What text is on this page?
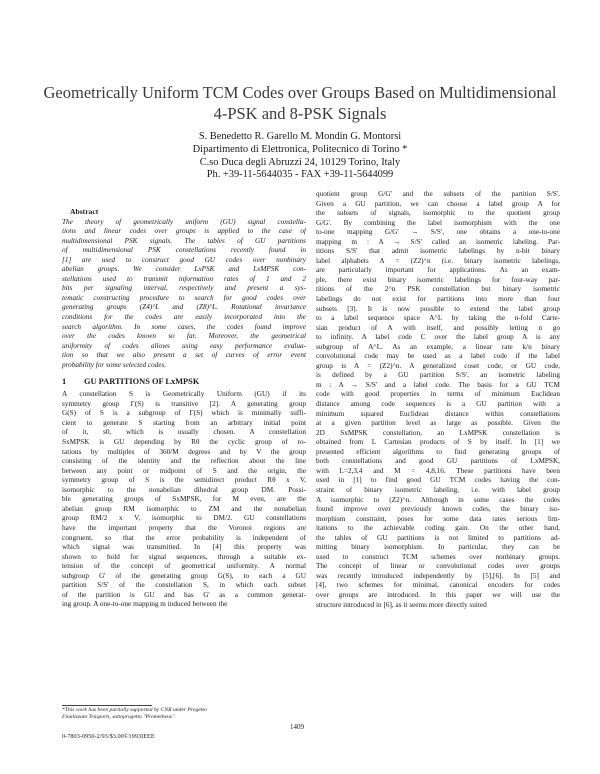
Geometrically Uniform TCM Codes over Groups Based on Multidimensional
4-PSK and 8-PSK Signals
S. Benedetto R. Garello M. Mondin G. Montorsi
Dipartimento di Elettronica, Politecnico di Torino *
C.so Duca degli Abruzzi 24, 10129 Torino, Italy
Ph. +39-11-5644035 - FAX +39-11-5644099
Abstract
The theory of geometrically uniform (GU) signal constella-
tions and linear codes over groups is applied to the case of
multidimensional PSK signals. The tables of GU partitions
of multidimensional PSK constellations recently found in
[1] are used to construct good GU codes over nonbinary
abelian groups. We consider LxPSK and LxMPSK con-
stellations used to transmit information rates of 1 and 2
bits per signaling interval, respectively and present a sys-
tematic constructing procedure to search for good codes over
generating groups (Z4)^L and (Z8)^L. Rotational invariance
conditions for the codes are easily incorporated into the
search algorithm. In some cases, the codes found improve
over the codes known so far. Moreover, the geometrical
uniformity of codes allows using easy performance evalua-
tion so that we also present a set of curves of error event
probability for some selected codes.
1 GU PARTITIONS OF LxMPSK
A constellation S is Geometrically Uniform (GU) if its
symmetry group Γ(S) is transitive [2]. A generating group
G(S) of S is a subgroup of Γ(S) which is minimally suffi-
cient to generate S starting from an arbitrary initial point
of it, s0, which is usually chosen. A constellation
SxMPSK is GU depending by Rθ the cyclic group of ro-
tations by multiples of 360/M degrees and by V the group
consisting of the identity and the reflection about the line
between any point or midpoint of S and the origin, the
symmetry group of S is the semidirect product Rθ x V,
isomorphic to the nonabelian dihedral group DM. Possi-
ble generating groups of SxMPSK, for M even, are the
abelian group RM isomorphic to ZM and the nonabelian
group RM/2 x V, isomorphic to DM/2. GU constellations
have the important property that the Voronoi regions are
congruent, so that the error probability is independent of
which signal was transmitted. In [4] this property was
shown to hold for signal sequences, through a suitable ex-
tension of the concept of geometrical uniformity. A normal
subgroup G' of the generating group G(S), to each a GU
partition S/S' of the constellation S, in which each subset
of the partition is GU and has G' as a common generat-
ing group. A one-to-one mapping m induced between the
quotient group G/G' and the subsets of the partition S/S'.
Given a GU partition, we can choose a label group A for
the subsets of signals, isomorphic to the quotient group
G/G'. By combining the label isomorphism with the one
to-one mapping G/G' → S/S', one obtains a one-to-one
mapping m : A → S/S' called an isometric labeling. Par-
titions S/S' that admit isometric labelings by n-bit binary
label alphabets A = (Z2)^n (i.e. binary isometric labelings,
are particularly important for applications. As an exam-
ple, there exist binary isometric labelings for four-way par-
titions of the 2^n PSK constellation but binary isometric
labelings do not exist for partitions into more than four
subsets [3]. It is now possible to extend the label group
to a label sequence space A^L by taking the n-fold Carte-
sian product of A with itself, and possibly letting n go
to infinity. A label code C over the label group A is any
subgroup of A^L. As an example, a linear rate k/n binary
convolutional code may be used as a label code if the label
group is A = (Z2)^n. A generalized coset code, or GU code,
is defined by a GU partition S/S', an isometric labeling
m : A → S/S' and a label code. The basis for a GU TCM
code with good properties in terms of minimum Euclidean
distance among code sequences is a GU partition with a
minimum squared Euclidean distance within constellations
at a given partition level as large as possible. Given the
2D SxMPSK constellation, an LxMPSK constellation is
obtained from L Cartesian products of S by itself. In [1] we
presented efficient algorithms to find generating groups of
both constellations and good GU partitions of LxMPSK,
with L=2,3,4 and M = 4,8,16. These partitions have been
used in [1] to find good GU TCM codes having the con-
straint of binary isometric labeling, i.e. with label group
A isomorphic to (Z2)^n. Although in some cases the codes
found improve over previously known codes, the binary iso-
morphism constraint, poses for some data rates serious lim-
itations to the achievable coding gain. On the other hand,
the tables of GU partitions is not limited to partitions ad-
mitting binary isomorphism. In particular, they can be
used to construct TCM schemes over nonbinary groups.
The concept of linear or convolutional codes over groups
was recently introduced independently by [5],[6]. In [5] and
[4], two schemes for minimal, canonical encoders for codes
over groups are introduced. In this paper we will use the
structure introduced in [6], as it seems more directly suited
*This work has been partially supported by CNR under Progetto
Finalizzato Trasporti, sottoprogetto "Prometheus".
1409
0-7803-0950-2/93/$3.00©1993IEEE
